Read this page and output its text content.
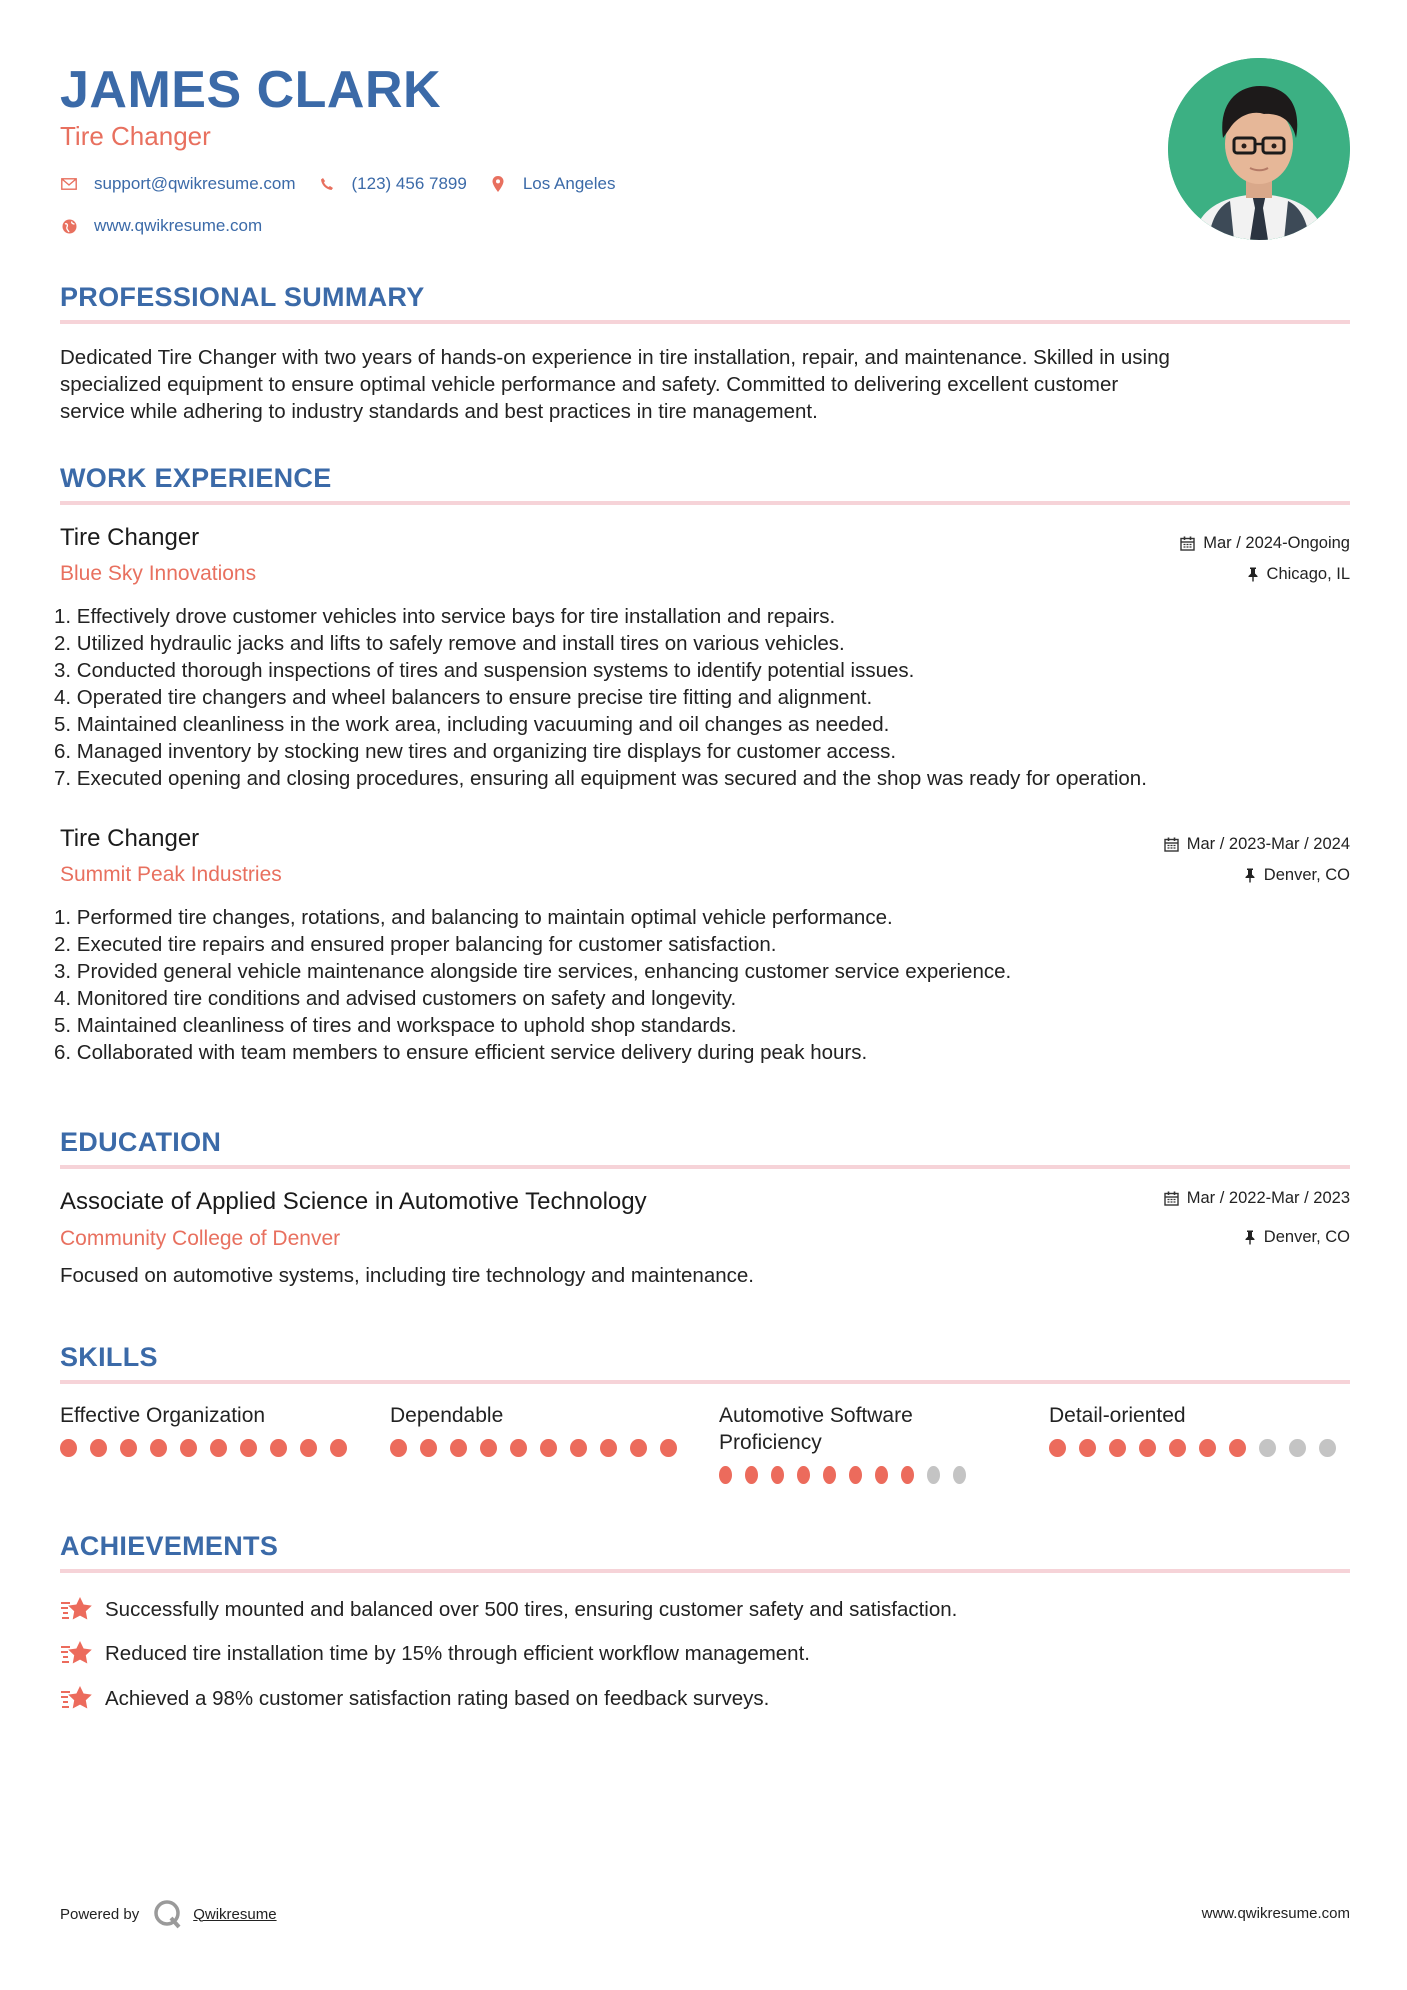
JAMES CLARK
Tire Changer
support@qwikresume.com	(123) 456 7899	Los Angeles
www.qwikresume.com
PROFESSIONAL SUMMARY
Dedicated Tire Changer with two years of hands-on experience in tire installation, repair, and maintenance. Skilled in using
specialized equipment to ensure optimal vehicle performance and safety. Committed to delivering excellent customer
service while adhering to industry standards and best practices in tire management.
WORK EXPERIENCE
Tire Changer
Blue Sky Innovations
Mar / 2024-Ongoing
Chicago, IL
1. Effectively drove customer vehicles into service bays for tire installation and repairs.
2. Utilized hydraulic jacks and lifts to safely remove and install tires on various vehicles.
3. Conducted thorough inspections of tires and suspension systems to identify potential issues.
4. Operated tire changers and wheel balancers to ensure precise tire fitting and alignment.
5. Maintained cleanliness in the work area, including vacuuming and oil changes as needed.
6. Managed inventory by stocking new tires and organizing tire displays for customer access.
7. Executed opening and closing procedures, ensuring all equipment was secured and the shop was ready for operation.
Tire Changer
Summit Peak Industries
Mar / 2023-Mar / 2024
Denver, CO
1. Performed tire changes, rotations, and balancing to maintain optimal vehicle performance.
2. Executed tire repairs and ensured proper balancing for customer satisfaction.
3. Provided general vehicle maintenance alongside tire services, enhancing customer service experience.
4. Monitored tire conditions and advised customers on safety and longevity.
5. Maintained cleanliness of tires and workspace to uphold shop standards.
6. Collaborated with team members to ensure efficient service delivery during peak hours.
EDUCATION
Associate of Applied Science in Automotive Technology
Community College of Denver
Mar / 2022-Mar / 2023
Denver, CO
Focused on automotive systems, including tire technology and maintenance.
SKILLS
Effective Organization	Dependable	Automotive Software Proficiency
Detail-oriented
ACHIEVEMENTS
Successfully mounted and balanced over 500 tires, ensuring customer safety and satisfaction.
Reduced tire installation time by 15% through efficient workflow management.
Achieved a 98% customer satisfaction rating based on feedback surveys.
Powered by	Qwikresume	www.qwikresume.com
